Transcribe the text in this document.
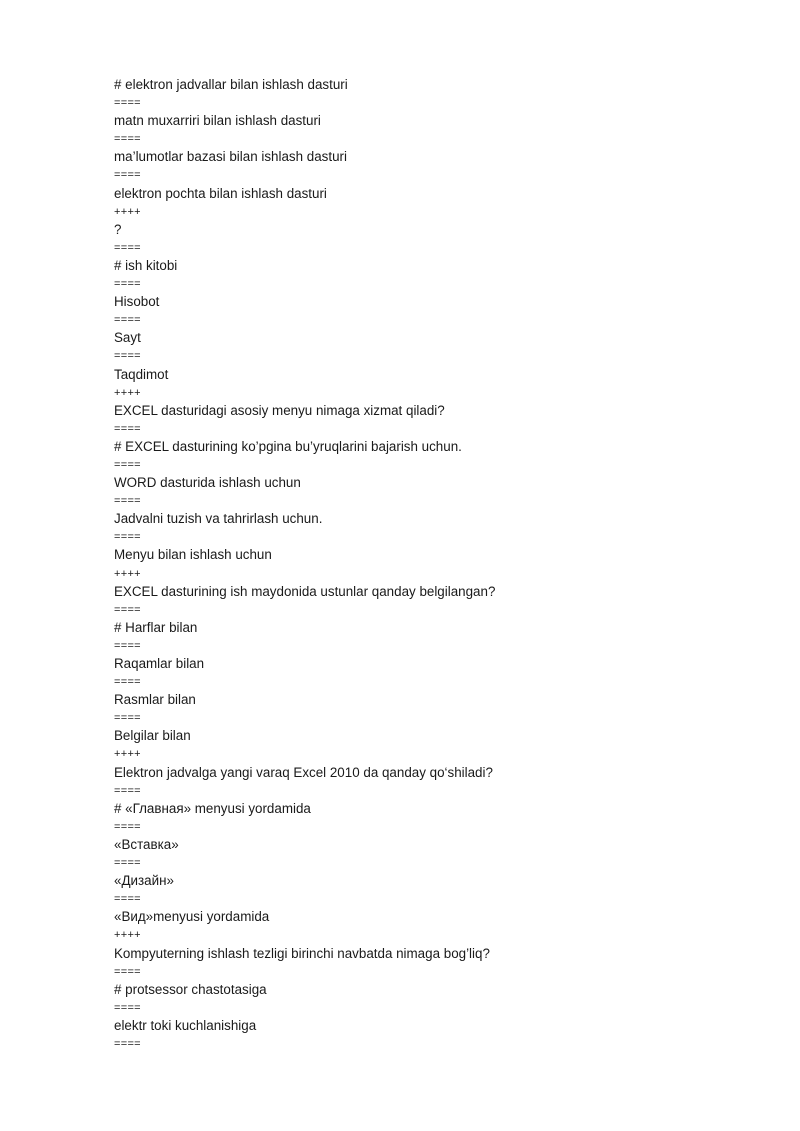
# elektron jadvallar bilan ishlash dasturi
====
matn muxarriri bilan ishlash dasturi
====
ma’lumotlar bazasi bilan ishlash dasturi
====
elektron pochta bilan ishlash dasturi
++++
?
====
# ish kitobi
====
Hisobot
====
Sayt
====
Taqdimot
++++
EXCEL dasturidagi asosiy menyu nimaga xizmat qiladi?
====
# EXCEL dasturining ko’pgina bu’yruqlarini bajarish uchun.
====
WORD dasturida ishlash uchun
====
Jadvalni tuzish va tahrirlash uchun.
====
Menyu bilan ishlash uchun
++++
EXCEL dasturining ish maydonida ustunlar qanday belgilangan?
====
# Harflar bilan
====
Raqamlar bilan
====
Rasmlar bilan
====
Belgilar bilan
++++
Elektron jadvalga yangi varaq Excel 2010 da qanday qo‘shiladi?
====
# «Главная» menyusi yordamida
====
«Вставка»
====
«Дизайн»
====
«Вид»menyusi yordamida
++++
Kompyuterning ishlash tezligi birinchi navbatda nimaga bog’liq?
====
# protsessor chastotasiga
====
elektr toki kuchlanishiga
====
